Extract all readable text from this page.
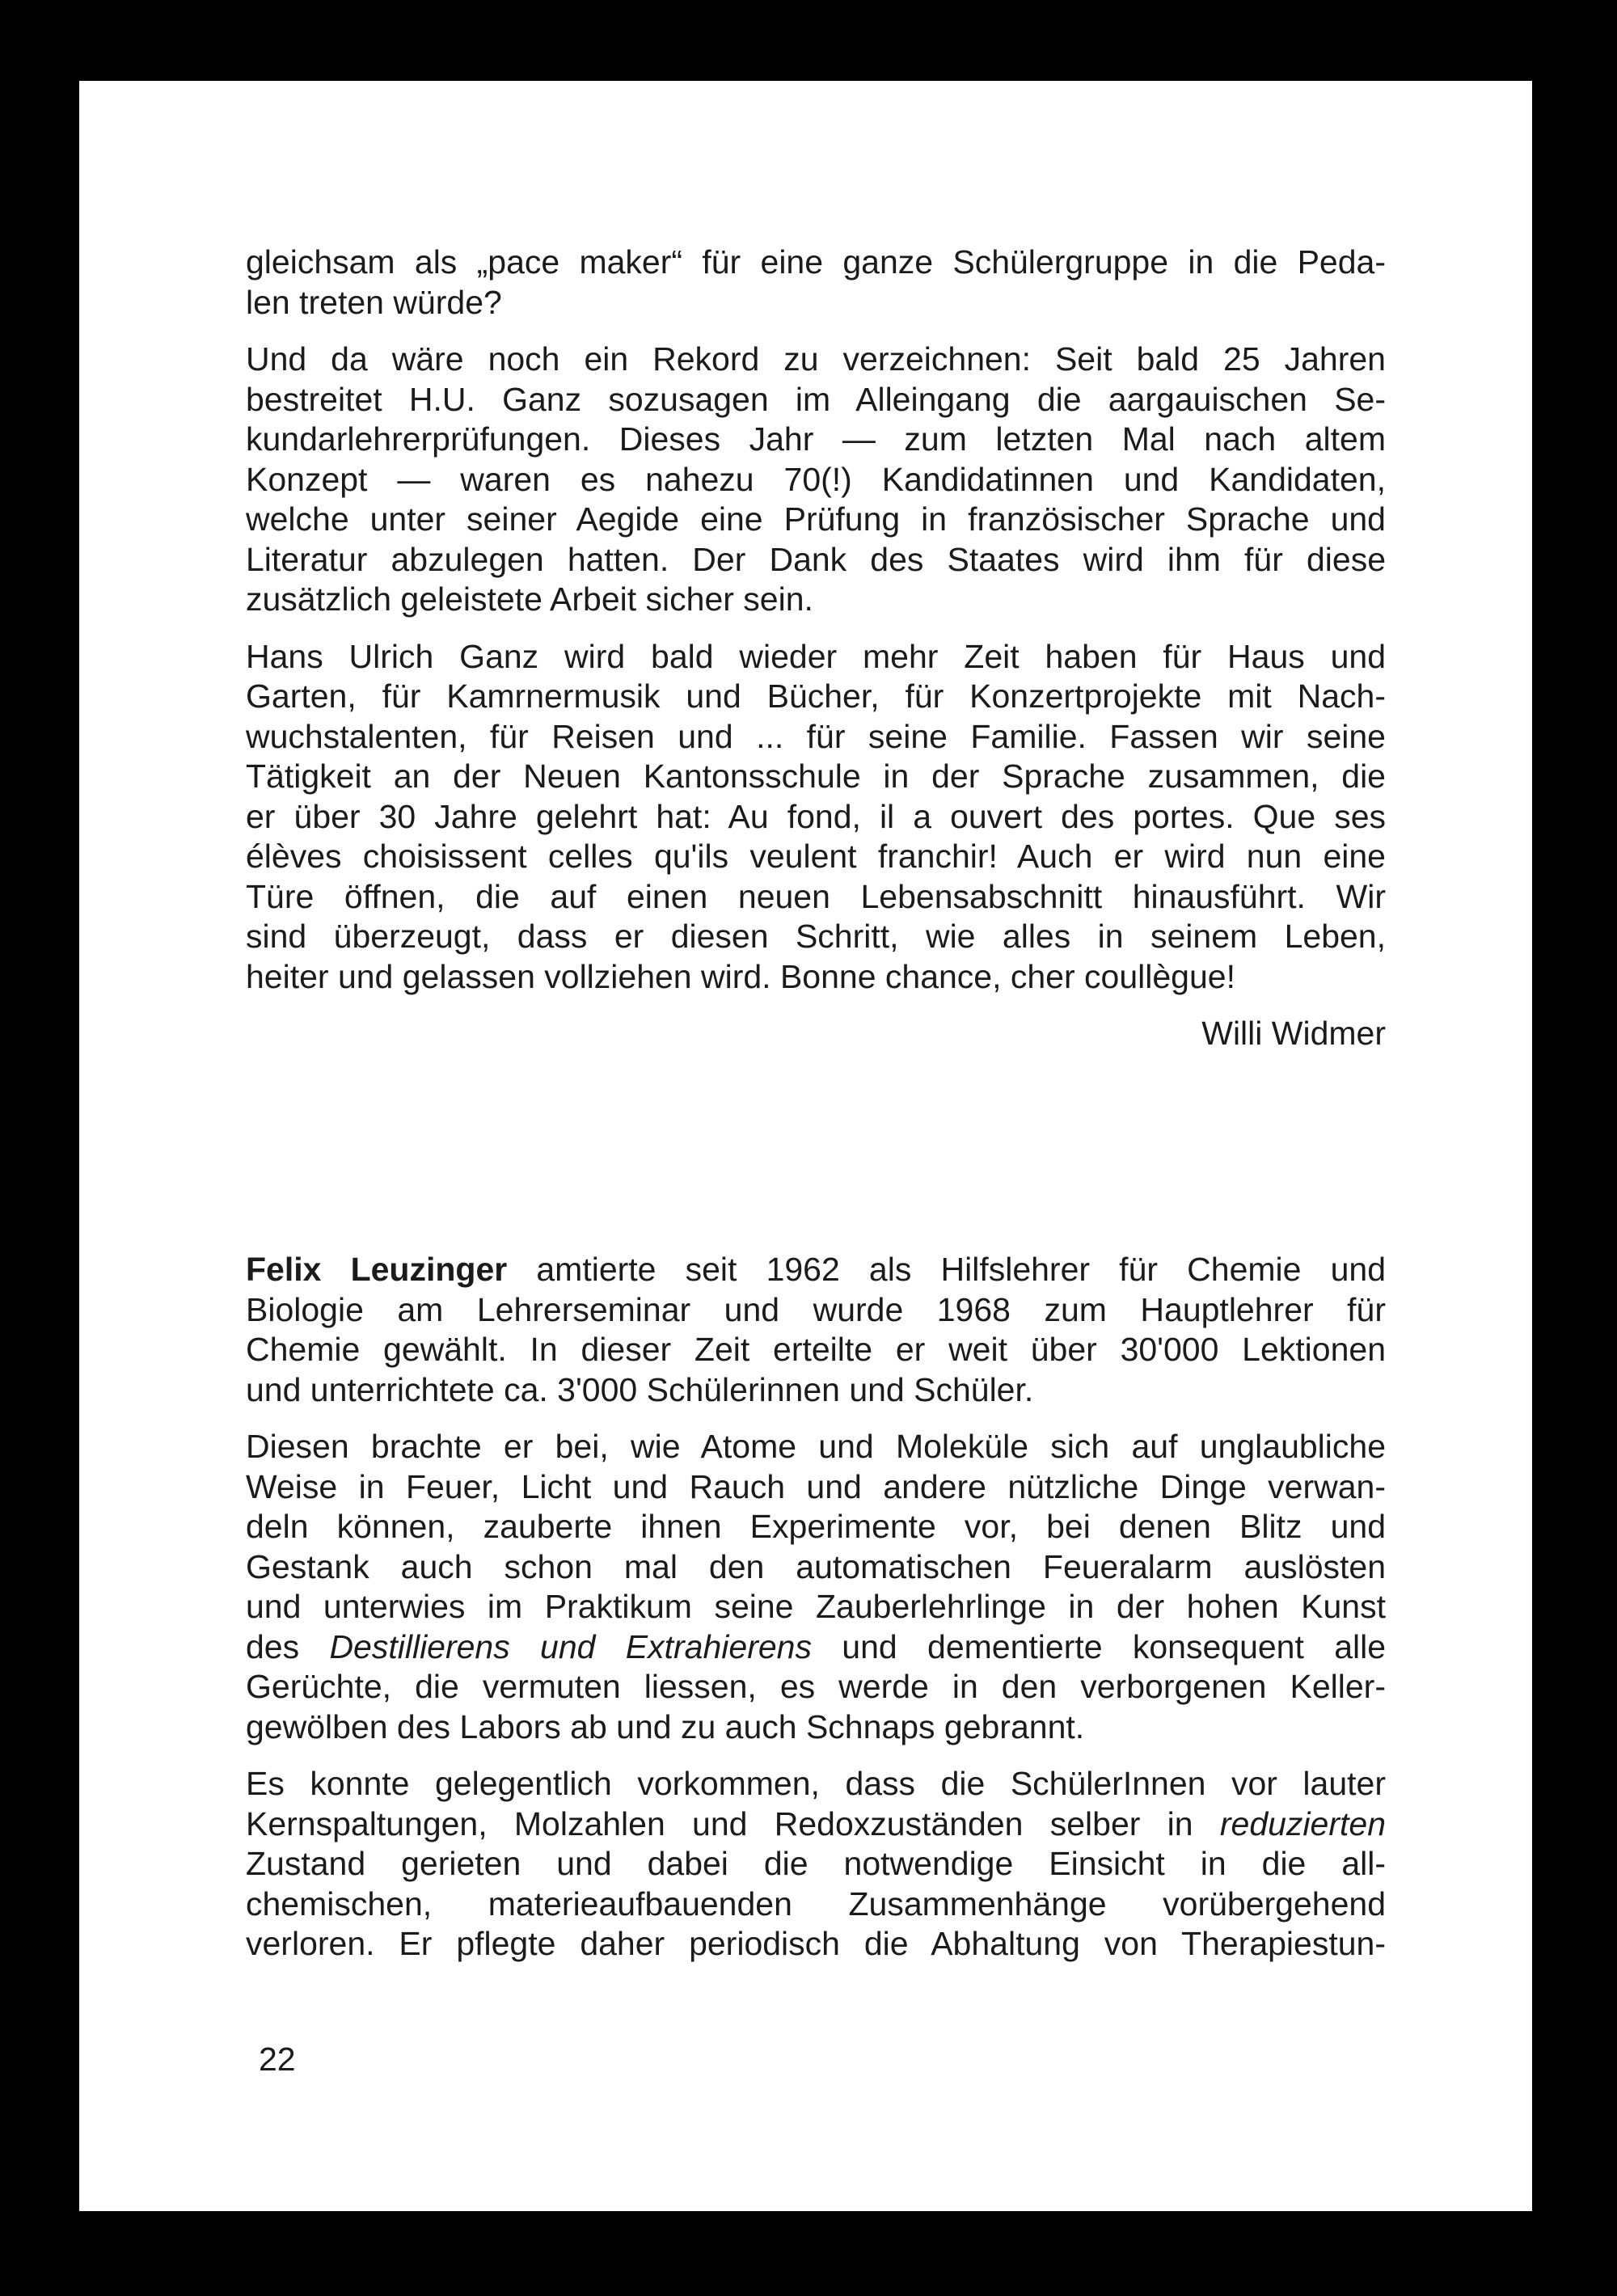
gleichsam als „pace maker“ für eine ganze Schülergruppe in die Peda-
len treten würde?
Und da wäre noch ein Rekord zu verzeichnen: Seit bald 25 Jahren
bestreitet H.U. Ganz sozusagen im Alleingang die aargauischen Se-
kundarlehrerprüfungen. Dieses Jahr — zum letzten Mal nach altem
Konzept — waren es nahezu 70(!) Kandidatinnen und Kandidaten,
welche unter seiner Aegide eine Prüfung in französischer Sprache und
Literatur abzulegen hatten. Der Dank des Staates wird ihm für diese
zusätzlich geleistete Arbeit sicher sein.
Hans Ulrich Ganz wird bald wieder mehr Zeit haben für Haus und
Garten, für Kamrnermusik und Bücher, für Konzertprojekte mit Nach-
wuchstalenten, für Reisen und ... für seine Familie. Fassen wir seine
Tätigkeit an der Neuen Kantonsschule in der Sprache zusammen, die
er über 30 Jahre gelehrt hat: Au fond, il a ouvert des portes. Que ses
élèves choisissent celles qu'ils veulent franchir! Auch er wird nun eine
Türe öffnen, die auf einen neuen Lebensabschnitt hinausführt. Wir
sind überzeugt, dass er diesen Schritt, wie alles in seinem Leben,
heiter und gelassen vollziehen wird. Bonne chance, cher coullègue!
Willi Widmer
Felix Leuzinger amtierte seit 1962 als Hilfslehrer für Chemie und
Biologie am Lehrerseminar und wurde 1968 zum Hauptlehrer für
Chemie gewählt. In dieser Zeit erteilte er weit über 30'000 Lektionen
und unterrichtete ca. 3'000 Schülerinnen und Schüler.
Diesen brachte er bei, wie Atome und Moleküle sich auf unglaubliche
Weise in Feuer, Licht und Rauch und andere nützliche Dinge verwan-
deln können, zauberte ihnen Experimente vor, bei denen Blitz und
Gestank auch schon mal den automatischen Feueralarm auslösten
und unterwies im Praktikum seine Zauberlehrlinge in der hohen Kunst
des Destillierens und Extrahierens und dementierte konsequent alle
Gerüchte, die vermuten liessen, es werde in den verborgenen Keller-
gewölben des Labors ab und zu auch Schnaps gebrannt.
Es konnte gelegentlich vorkommen, dass die SchülerInnen vor lauter
Kernspaltungen, Molzahlen und Redoxzuständen selber in reduzierten
Zustand gerieten und dabei die notwendige Einsicht in die all-
chemischen, materieaufbauenden Zusammenhänge vorübergehend
verloren. Er pflegte daher periodisch die Abhaltung von Therapiestun-
22
